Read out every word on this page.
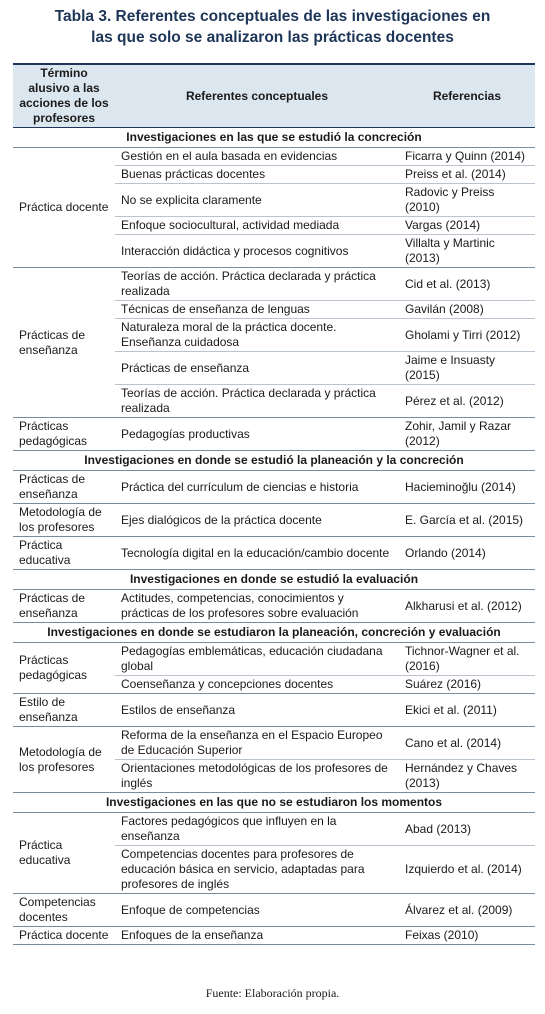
Tabla 3. Referentes conceptuales de las investigaciones en
las que solo se analizaron las prácticas docentes
Término alusivo a las acciones de los profesores	Referentes conceptuales	Referencias
Investigaciones en las que se estudió la concreción		
Práctica docente	Gestión en el aula basada en evidencias	Ficarra y Quinn (2014)
	Buenas prácticas docentes	Preiss et al. (2014)
	No se explicita claramente	Radovic y Preiss (2010)
	Enfoque sociocultural, actividad mediada	Vargas (2014)
	Interacción didáctica y procesos cognitivos	Villalta y Martinic (2013)
Prácticas de enseñanza	Teorías de acción. Práctica declarada y práctica realizada	Cid et al. (2013)
	Técnicas de enseñanza de lenguas	Gavilán (2008)
	Naturaleza moral de la práctica docente. Enseñanza cuidadosa	Gholami y Tirri (2012)
	Prácticas de enseñanza	Jaime e Insuasty (2015)
	Teorías de acción. Práctica declarada y práctica realizada	Pérez et al. (2012)
Prácticas pedagógicas	Pedagogías productivas	Zohir, Jamil y Razar (2012)
Investigaciones en donde se estudió la planeación y la concreción		
Prácticas de enseñanza	Práctica del currículum de ciencias e historia	Hacieminoğlu (2014)
Metodología de los profesores	Ejes dialógicos de la práctica docente	E. García et al. (2015)
Práctica educativa	Tecnología digital en la educación/cambio docente	Orlando (2014)
Investigaciones en donde se estudió la evaluación		
Prácticas de enseñanza	Actitudes, competencias, conocimientos y prácticas de los profesores sobre evaluación	Alkharusi et al. (2012)
Investigaciones en donde se estudiaron la planeación, concreción y evaluación		
Prácticas pedagógicas	Pedagogías emblemáticas, educación ciudadana global	Tichnor-Wagner et al. (2016)
	Coenseñanza y concepciones docentes	Suárez (2016)
Estilo de enseñanza	Estilos de enseñanza	Ekici et al. (2011)
Metodología de los profesores	Reforma de la enseñanza en el Espacio Europeo de Educación Superior	Cano et al. (2014)
	Orientaciones metodológicas de los profesores de inglés	Hernández y Chaves (2013)
Investigaciones en las que no se estudiaron los momentos		
Práctica educativa	Factores pedagógicos que influyen en la enseñanza	Abad (2013)
	Competencias docentes para profesores de educación básica en servicio, adaptadas para profesores de inglés	Izquierdo et al. (2014)
Competencias docentes	Enfoque de competencias	Álvarez et al. (2009)
Práctica docente	Enfoques de la enseñanza	Feixas (2010)
Fuente: Elaboración propia.
